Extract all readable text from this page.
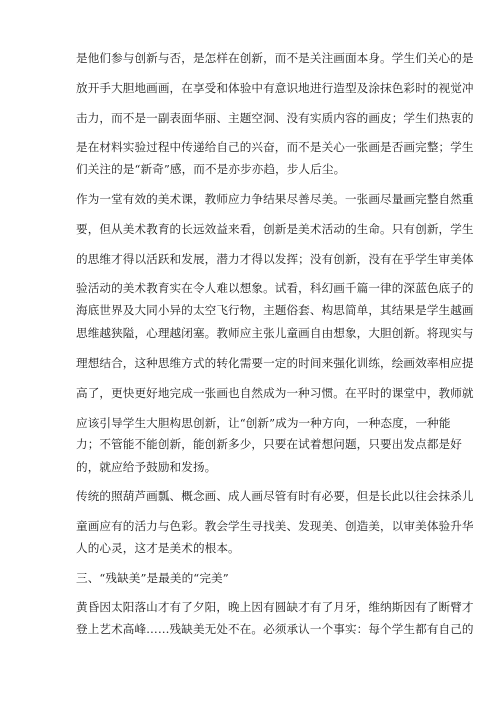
是他们参与创新与否，是怎样在创新，而不是关注画面本身。学生们关心的是
放开手大胆地画画，在享受和体验中有意识地进行造型及涂抹色彩时的视觉冲
击力，而不是一副表面华丽、主题空洞、没有实质内容的画皮；学生们热衷的
是在材料实验过程中传递给自己的兴奋，而不是关心一张画是否画完整；学生
们关注的是“新奇”感，而不是亦步亦趋，步人后尘。
作为一堂有效的美术课，教师应力争结果尽善尽美。一张画尽量画完整自然重
要，但从美术教育的长远效益来看，创新是美术活动的生命。只有创新，学生
的思维才得以活跃和发展，潜力才得以发挥；没有创新，没有在乎学生审美体
验活动的美术教育实在令人难以想象。试看，科幻画千篇一律的深蓝色底子的
海底世界及大同小异的太空飞行物，主题俗套、构思简单，其结果是学生越画
思维越狭隘，心理越闭塞。教师应主张儿童画自由想象，大胆创新。将现实与
理想结合，这种思维方式的转化需要一定的时间来强化训练，绘画效率相应提
高了，更快更好地完成一张画也自然成为一种习惯。在平时的课堂中，教师就
应该引导学生大胆构思创新，让“创新”成为一种方向，一种态度，一种能
力；不管能不能创新，能创新多少，只要在试着想问题，只要出发点都是好
的，就应给予鼓励和发扬。
传统的照葫芦画瓢、概念画、成人画尽管有时有必要，但是长此以往会抹杀儿
童画应有的活力与色彩。教会学生寻找美、发现美、创造美，以审美体验升华
人的心灵，这才是美术的根本。
三、“残缺美”是最美的“完美”
黄昏因太阳落山才有了夕阳，晚上因有圆缺才有了月牙，维纳斯因有了断臂才
登上艺术高峰……残缺美无处不在。必须承认一个事实：每个学生都有自己的
